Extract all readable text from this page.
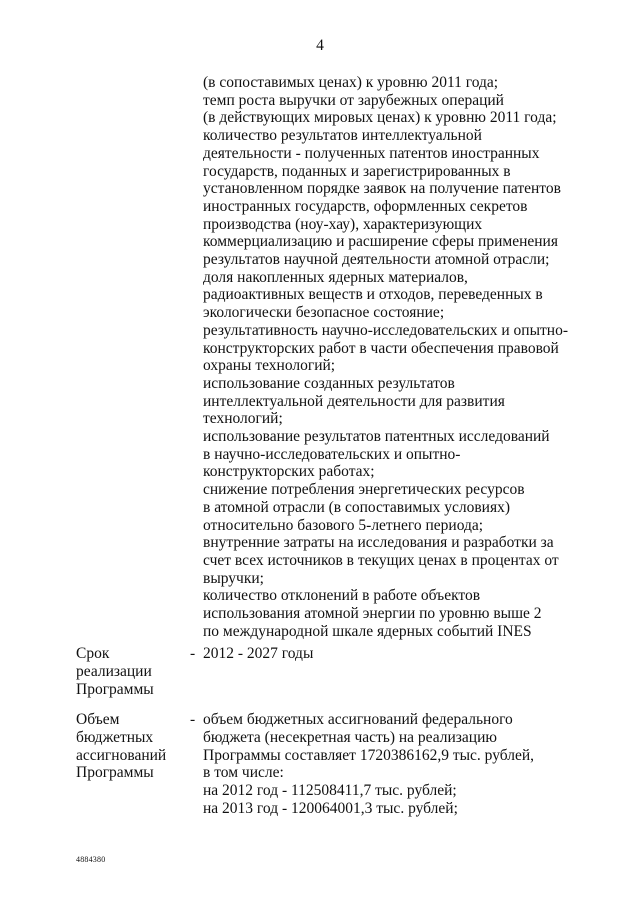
4
(в сопоставимых ценах) к уровню 2011 года;
темп роста выручки от зарубежных операций
(в действующих мировых ценах) к уровню 2011 года;
количество результатов интеллектуальной
деятельности - полученных патентов иностранных
государств, поданных и зарегистрированных в
установленном порядке заявок на получение патентов
иностранных государств, оформленных секретов
производства (ноу-хау), характеризующих
коммерциализацию и расширение сферы применения
результатов научной деятельности атомной отрасли;
доля накопленных ядерных материалов,
радиоактивных веществ и отходов, переведенных в
экологически безопасное состояние;
результативность научно-исследовательских и опытно-
конструкторских работ в части обеспечения правовой
охраны технологий;
использование созданных результатов
интеллектуальной деятельности для развития
технологий;
использование результатов патентных исследований
в научно-исследовательских и опытно-
конструкторских работах;
снижение потребления энергетических ресурсов
в атомной отрасли (в сопоставимых условиях)
относительно базового 5-летнего периода;
внутренние затраты на исследования и разработки за
счет всех источников в текущих ценах в процентах от
выручки;
количество отклонений в работе объектов
использования атомной энергии по уровню выше 2
по международной шкале ядерных событий INES
Срок
реализации
Программы
- 2012 - 2027 годы
Объем
бюджетных
ассигнований
Программы
- объем бюджетных ассигнований федерального
бюджета (несекретная часть) на реализацию
Программы составляет 1720386162,9 тыс. рублей,
в том числе:
на 2012 год - 112508411,7 тыс. рублей;
на 2013 год - 120064001,3 тыс. рублей;
4884380
